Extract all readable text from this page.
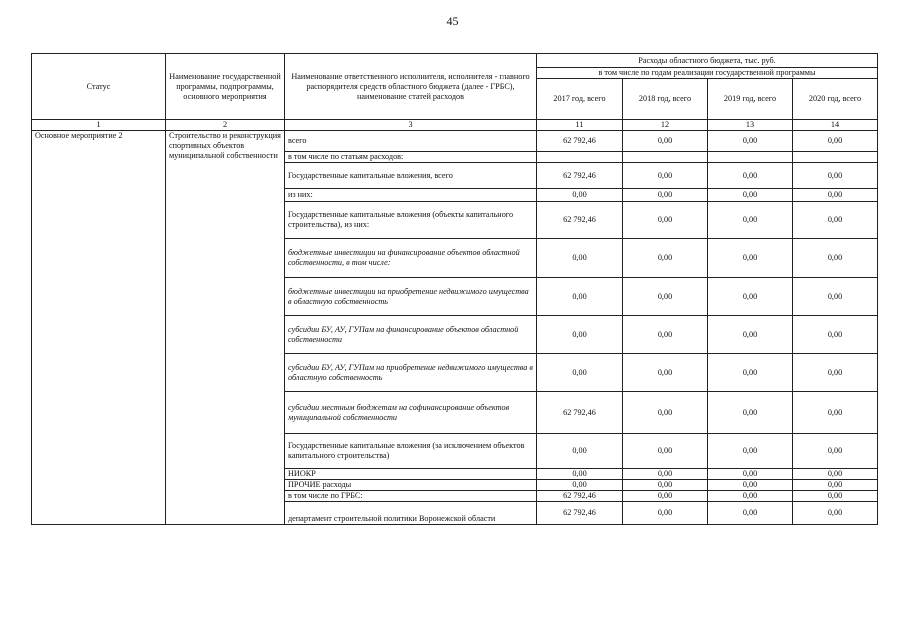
45
Статус	Наименование государственной программы, подпрограммы, основного мероприятия	Наименование ответственного исполнителя, исполнителя - главного распорядителя средств областного бюджета (далее - ГРБС), наименование статей расходов	Расходы областного бюджета, тыс. руб.			
			в том числе по годам реализации государственной программы			
			2017 год, всего	2018 год, всего	2019 год, всего	2020 год, всего
1	2	3	11	12	13	14
Основное мероприятие 2	Строительство и реконструкция спортивных объектов муниципальной собственности	всего	62 792,46	0,00	0,00	0,00
		в том числе по статьям расходов:				
		Государственные капитальные вложения, всего	62 792,46	0,00	0,00	0,00
		из них:	0,00	0,00	0,00	0,00
		Государственные капитальные вложения (объекты капитального строительства), из них:	62 792,46	0,00	0,00	0,00
		бюджетные инвестиции на финансирование объектов областной собственности, в том числе:	0,00	0,00	0,00	0,00
		бюджетные инвестиции на приобретение недвижимого имущества в областную собственность	0,00	0,00	0,00	0,00
		субсидии БУ, АУ, ГУПам на финансирование объектов областной собственности	0,00	0,00	0,00	0,00
		субсидии БУ, АУ, ГУПам на приобретение недвижимого имущества в областную собственность	0,00	0,00	0,00	0,00
		субсидии местным бюджетам на софинансирование объектов муниципальной собственности	62 792,46	0,00	0,00	0,00
		Государственные капитальные вложения (за исключением объектов капитального строительства)	0,00	0,00	0,00	0,00
		НИОКР	0,00	0,00	0,00	0,00
		ПРОЧИЕ расходы	0,00	0,00	0,00	0,00
		в том числе по ГРБС:	62 792,46	0,00	0,00	0,00
		департамент строительной политики Воронежской области	62 792,46	0,00	0,00	0,00
